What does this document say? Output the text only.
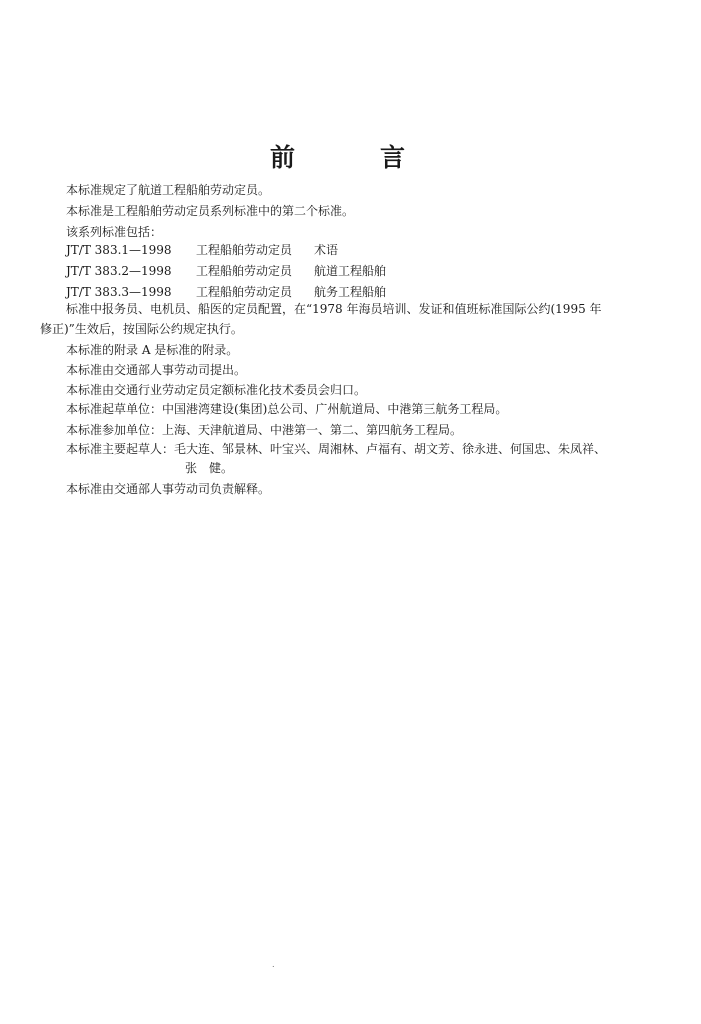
前	言
本标准规定了航道工程船舶劳动定员。
本标准是工程船舶劳动定员系列标准中的第二个标准。
该系列标准包括：
JT/T 383.1—1998	工程船舶劳动定员	术语
JT/T 383.2—1998	工程船舶劳动定员	航道工程船舶
JT/T 383.3—1998	工程船舶劳动定员	航务工程船舶
标准中报务员、电机员、船医的定员配置，在“1978 年海员培训、发证和值班标准国际公约(1995 年
修正)”生效后，按国际公约规定执行。
本标准的附录 A 是标准的附录。
本标准由交通部人事劳动司提出。
本标准由交通行业劳动定员定额标准化技术委员会归口。
本标准起草单位：中国港湾建设(集团)总公司、广州航道局、中港第三航务工程局。
本标准参加单位：上海、天津航道局、中港第一、第二、第四航务工程局。
本标准主要起草人：毛大连、邹景林、叶宝兴、周湘林、卢福有、胡文芳、徐永进、何国忠、朱凤祥、
张　健。
本标准由交通部人事劳动司负责解释。
.
